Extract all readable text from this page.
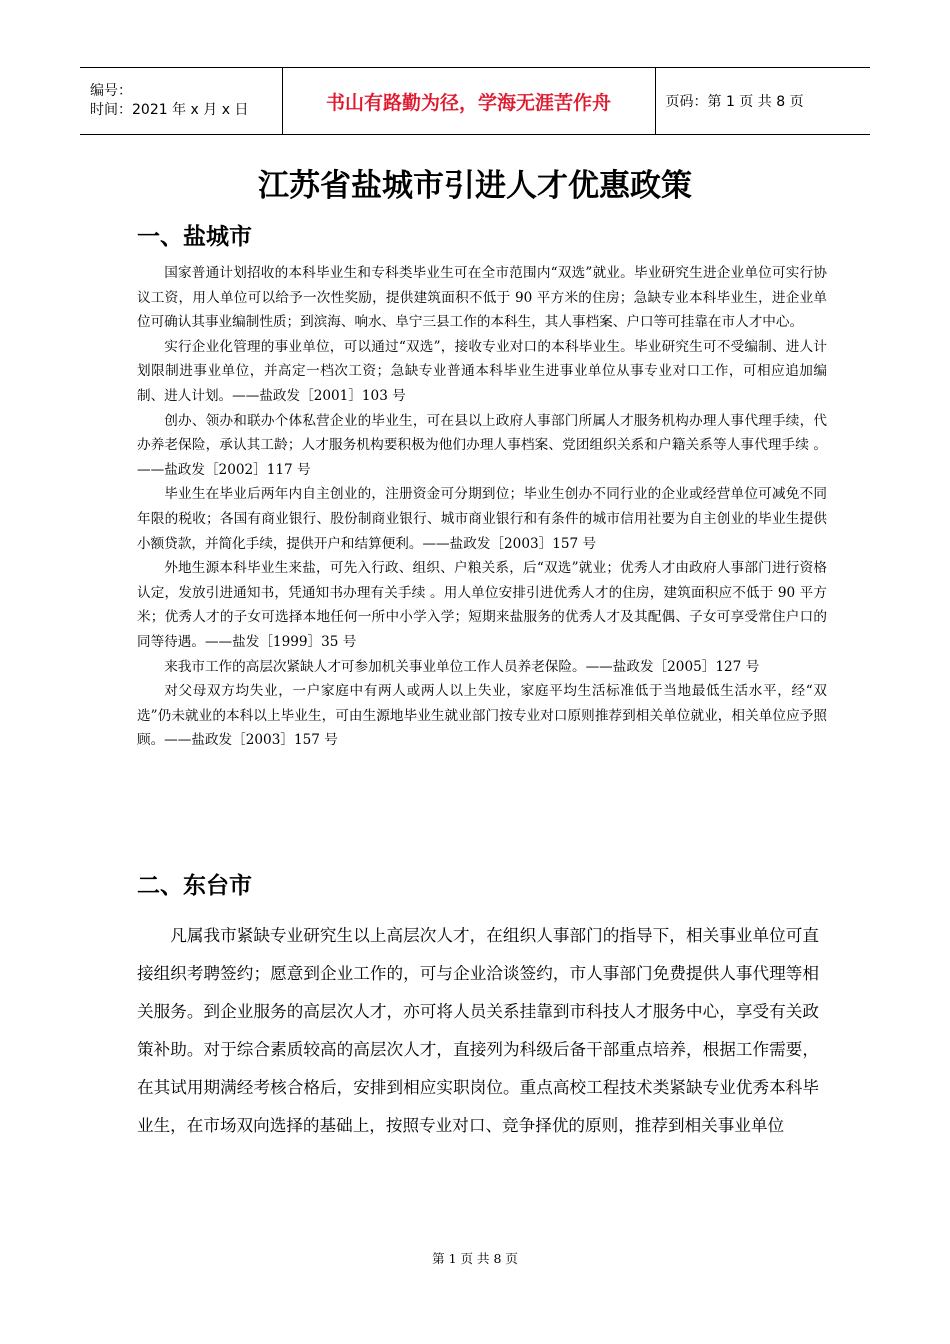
编号：
时间：2021 年 x 月 x 日	书山有路勤为径，学海无涯苦作舟	页码：第 1 页 共 8 页
江苏省盐城市引进人才优惠政策
一、盐城市

国家普通计划招收的本科毕业生和专科类毕业生可在全市范围内“双选”就业。毕业研究生进企业单位可实行协议工资，用人单位可以给予一次性奖励，提供建筑面积不低于 90 平方米的住房；急缺专业本科毕业生，进企业单位可确认其事业编制性质；到滨海、响水、阜宁三县工作的本科生，其人事档案、户口等可挂靠在市人才中心。

实行企业化管理的事业单位，可以通过“双选”，接收专业对口的本科毕业生。毕业研究生可不受编制、进人计划限制进事业单位，并高定一档次工资；急缺专业普通本科毕业生进事业单位从事专业对口工作，可相应追加编制、进人计划。——盐政发［2001］103 号

创办、领办和联办个体私营企业的毕业生，可在县以上政府人事部门所属人才服务机构办理人事代理手续，代办养老保险，承认其工龄；人才服务机构要积极为他们办理人事档案、党团组织关系和户籍关系等人事代理手续 。——盐政发［2002］117 号

毕业生在毕业后两年内自主创业的，注册资金可分期到位；毕业生创办不同行业的企业或经营单位可减免不同年限的税收；各国有商业银行、股份制商业银行、城市商业银行和有条件的城市信用社要为自主创业的毕业生提供小额贷款，并简化手续，提供开户和结算便利。——盐政发［2003］157 号

外地生源本科毕业生来盐，可先入行政、组织、户粮关系，后“双选”就业；优秀人才由政府人事部门进行资格认定，发放引进通知书，凭通知书办理有关手续 。用人单位安排引进优秀人才的住房，建筑面积应不低于 90 平方米；优秀人才的子女可选择本地任何一所中小学入学；短期来盐服务的优秀人才及其配偶、子女可享受常住户口的同等待遇。——盐发［1999］35 号

来我市工作的高层次紧缺人才可参加机关事业单位工作人员养老保险。——盐政发［2005］127 号

对父母双方均失业，一户家庭中有两人或两人以上失业，家庭平均生活标准低于当地最低生活水平，经“双选”仍未就业的本科以上毕业生，可由生源地毕业生就业部门按专业对口原则推荐到相关单位就业，相关单位应予照顾。——盐政发［2003］157 号

二、东台市

凡属我市紧缺专业研究生以上高层次人才，在组织人事部门的指导下，相关事业单位可直接组织考聘签约；愿意到企业工作的，可与企业洽谈签约，市人事部门免费提供人事代理等相关服务。到企业服务的高层次人才，亦可将人员关系挂靠到市科技人才服务中心，享受有关政策补助。对于综合素质较高的高层次人才，直接列为科级后备干部重点培养，根据工作需要，在其试用期满经考核合格后，安排到相应实职岗位。重点高校工程技术类紧缺专业优秀本科毕业生，在市场双向选择的基础上，按照专业对口、竞争择优的原则，推荐到相关事业单位

第 1 页 共 8 页
